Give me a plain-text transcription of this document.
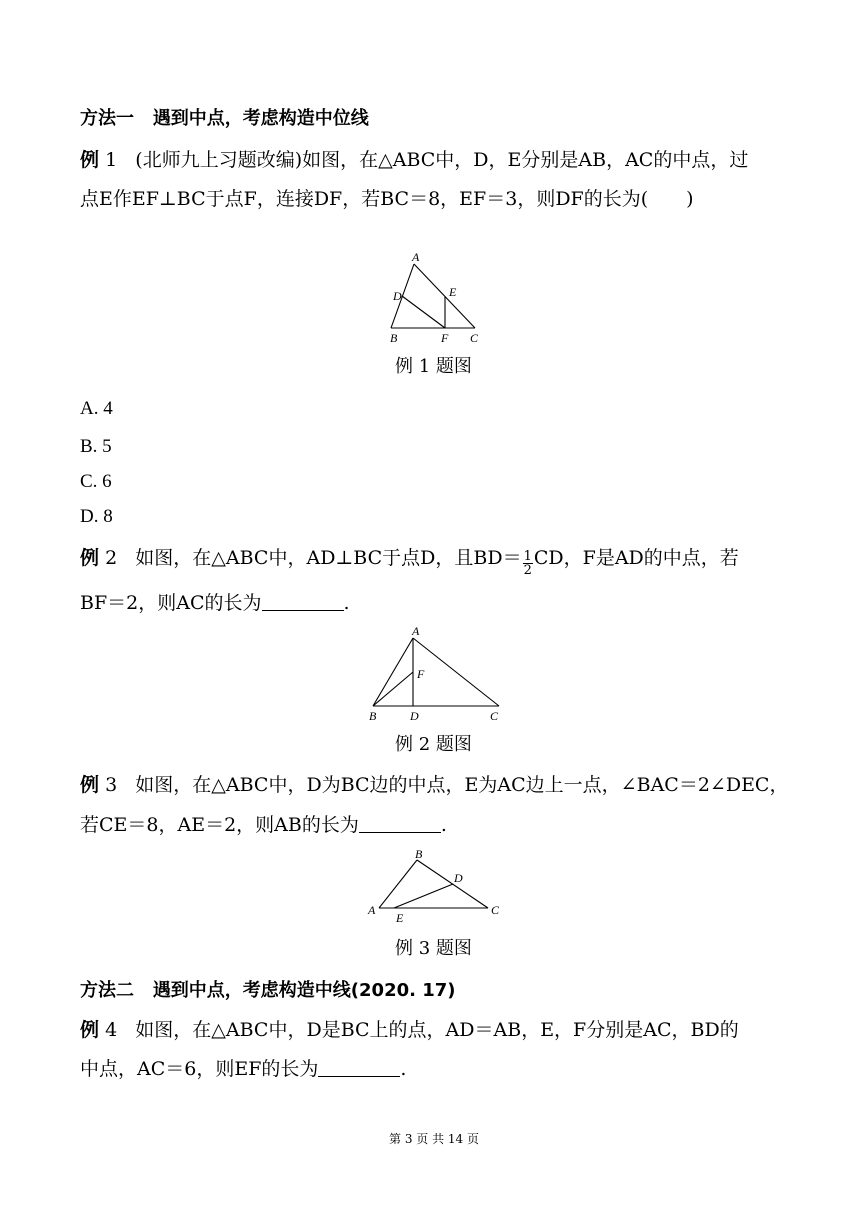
方法一 遇到中点，考虑构造中位线
例 1 (北师九上习题改编)如图，在△ABC中，D，E分别是AB，AC的中点，过
点E作EF⊥BC于点F，连接DF，若BC＝8，EF＝3，则DF的长为(　　)
A
D	E
B	F C
例 1 题图
A. 4
B. 5
C. 6
D. 8
例 2 如图，在△ABC中，AD⊥BC于点D，且$BD= \frac{1}{2}$ CD，F是AD的中点，若
BF＝2，则AC的长为	.
A
F
B	D	C
例 2 题图
例 3 如图，在△ABC中，D为BC边的中点，E为AC边上一点，∠BAC＝2∠DEC，
若CE＝8，AE＝2，则AB的长为	.
B
D
A
E
C
例 3 题图
方法二 遇到中点，考虑构造中线(2020. 17)
例 4 如图，在△ABC中，D是BC上的点，AD＝AB，E，F分别是AC，BD的
中点，AC＝6，则EF的长为	.
第 3 页 共 14 页
